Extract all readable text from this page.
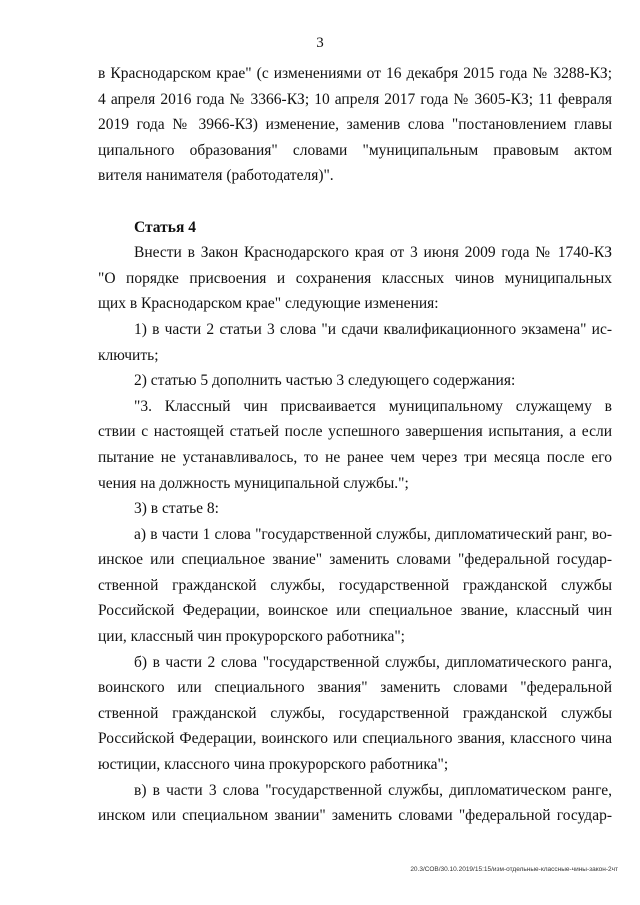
3
в Краснодарском крае" (с изменениями от 16 декабря 2015 года № 3288-КЗ;
4 апреля 2016 года № 3366-КЗ; 10 апреля 2017 года № 3605-КЗ; 11 февраля
2019 года № 3966-КЗ) изменение, заменив слова "постановлением главы
ципального образования" словами "муниципальным правовым актом
вителя нанимателя (работодателя)".
Статья 4
Внести в Закон Краснодарского края от 3 июня 2009 года № 1740-КЗ
"О порядке присвоения и сохранения классных чинов муниципальных
щих в Краснодарском крае" следующие изменения:
1) в части 2 статьи 3 слова "и сдачи квалификационного экзамена" ис-
ключить;
2) статью 5 дополнить частью 3 следующего содержания:
"3. Классный чин присваивается муниципальному служащему в
ствии с настоящей статьей после успешного завершения испытания, а если
пытание не устанавливалось, то не ранее чем через три месяца после его
чения на должность муниципальной службы.";
3) в статье 8:
а) в части 1 слова "государственной службы, дипломатический ранг, во-
инское или специальное звание" заменить словами "федеральной государ-
ственной гражданской службы, государственной гражданской службы
Российской Федерации, воинское или специальное звание, классный чин
ции, классный чин прокурорского работника";
б) в части 2 слова "государственной службы, дипломатического ранга,
воинского или специального звания" заменить словами "федеральной
ственной гражданской службы, государственной гражданской службы
Российской Федерации, воинского или специального звания, классного чина
юстиции, классного чина прокурорского работника";
в) в части 3 слова "государственной службы, дипломатическом ранге,
инском или специальном звании" заменить словами "федеральной государ-
20.3/СОВ/30.10.2019/15:15/изм-отдельные-классные-чины-закон-2чт
